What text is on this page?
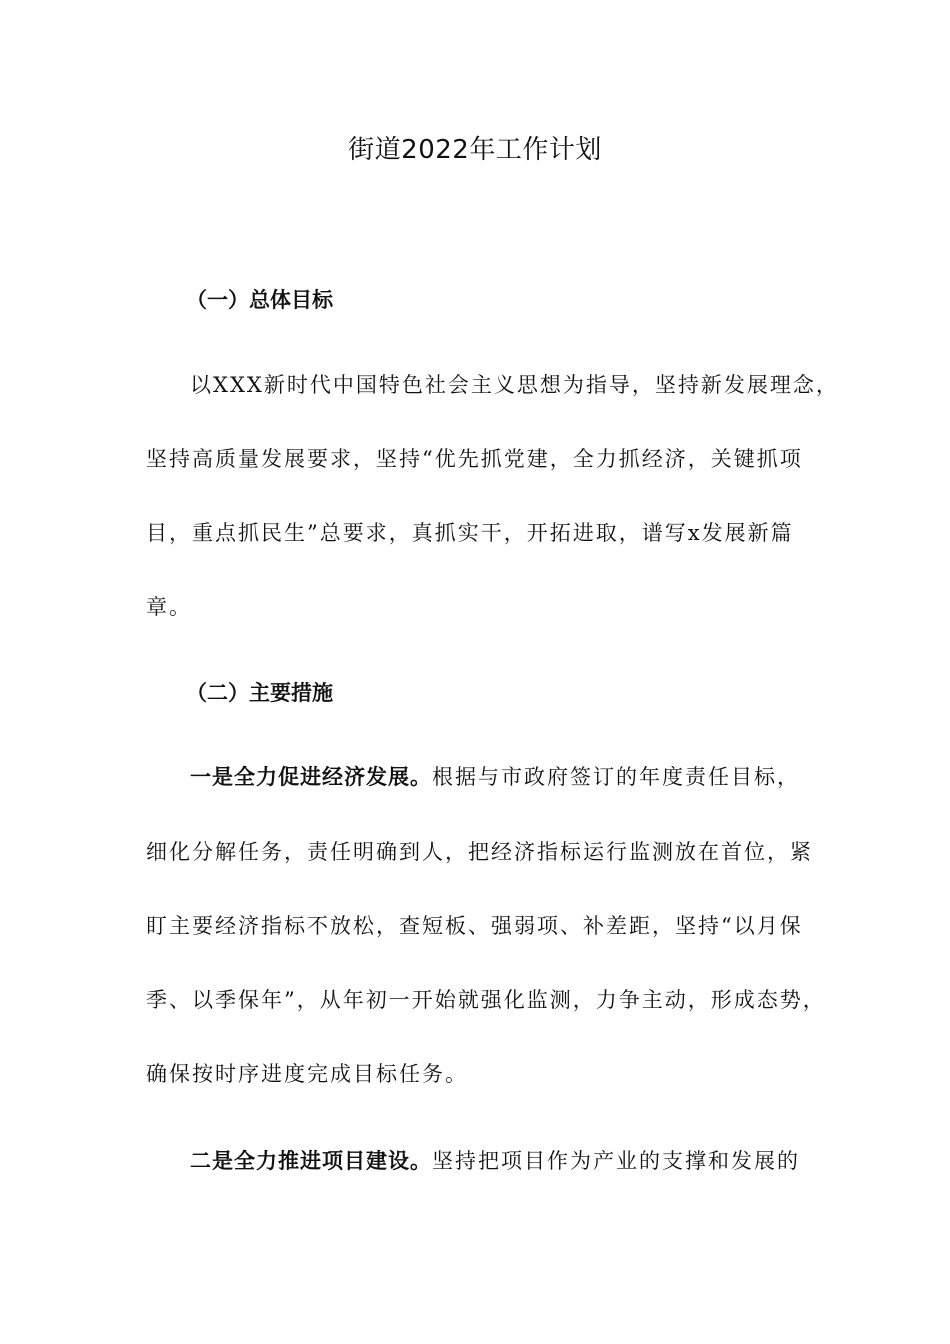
街道2022年工作计划
（一）总体目标
以XXX新时代中国特色社会主义思想为指导，坚持新发展理念，
坚持高质量发展要求，坚持“优先抓党建，全力抓经济，关键抓项
目，重点抓民生”总要求，真抓实干，开拓进取，谱写x发展新篇
章。
（二）主要措施
一是全力促进经济发展。根据与市政府签订的年度责任目标，
细化分解任务，责任明确到人，把经济指标运行监测放在首位，紧
盯主要经济指标不放松，查短板、强弱项、补差距，坚持“以月保
季、以季保年”，从年初一开始就强化监测，力争主动，形成态势，
确保按时序进度完成目标任务。
二是全力推进项目建设。坚持把项目作为产业的支撑和发展的
